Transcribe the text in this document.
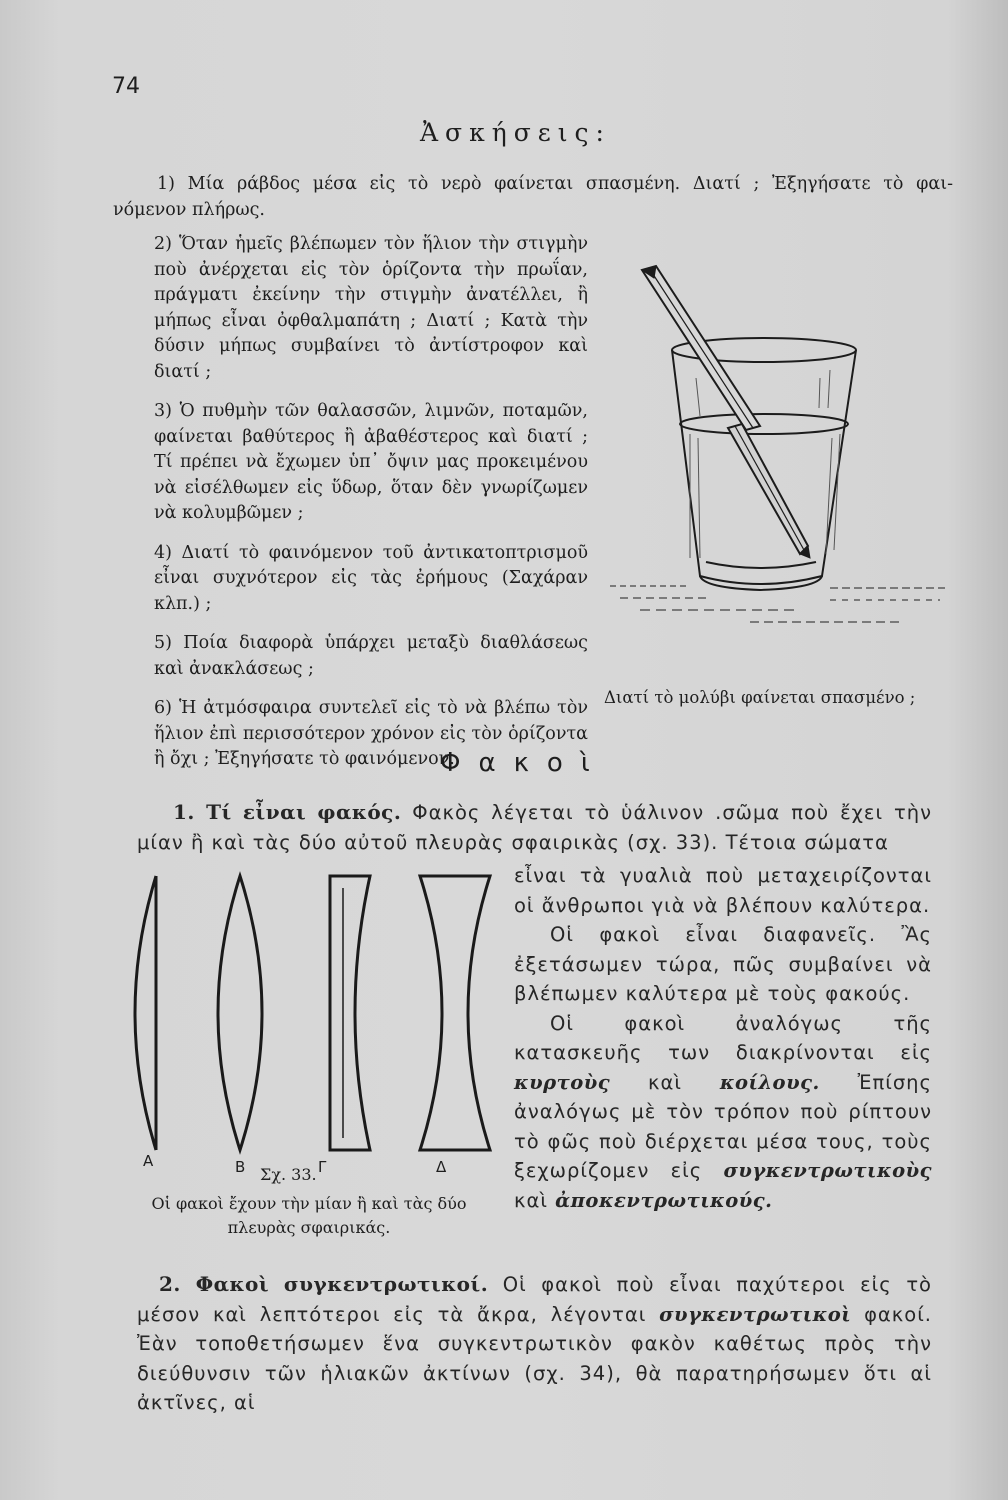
74
Ἀσκήσεις:

1) Μία ράβδος μέσα εἰς τὸ νερὸ φαίνεται σπασμένη. Διατί ; Ἐξηγήσατε τὸ φαι-

νόμενον πλήρως.

2) Ὅταν ἡμεῖς βλέπωμεν τὸν ἥλιον τὴν στιγμὴν ποὺ ἀνέρχεται εἰς τὸν ὁρίζοντα τὴν πρωΐαν, πράγματι ἐκείνην τὴν στιγμὴν ἀνατέλλει, ἢ μήπως εἶναι ὀφθαλμαπάτη ; Διατί ; Κατὰ τὴν δύσιν μήπως συμβαίνει τὸ ἀντίστροφον καὶ διατί ;

3) Ὁ πυθμὴν τῶν θαλασσῶν, λιμνῶν, ποταμῶν, φαίνεται βαθύτερος ἢ ἀβαθέστερος καὶ διατί ; Τί πρέπει νὰ ἔχωμεν ὑπ᾽ ὄψιν μας προκειμένου νὰ εἰσέλθωμεν εἰς ὕδωρ, ὅταν δὲν γνωρίζωμεν νὰ κολυμβῶμεν ;

4) Διατί τὸ φαινόμενον τοῦ ἀντικατοπτρισμοῦ εἶναι συχνότερον εἰς τὰς ἐρήμους (Σαχάραν κλπ.) ;

5) Ποία διαφορὰ ὑπάρχει μεταξὺ διαθλάσεως καὶ ἀνακλάσεως ;

6) Ἡ ἀτμόσφαιρα συντελεῖ εἰς τὸ νὰ βλέπω τὸν ἥλιον ἐπὶ περισσότερον χρόνον εἰς τὸν ὁρίζοντα ἢ ὄχι ; Ἐξηγήσατε τὸ φαινόμενον.

Διατί τὸ μολύβι φαίνεται σπασμένο ;
Φακοὶ

1. Τί εἶναι φακός. Φακὸς λέγεται τὸ ὑάλινον .σῶμα ποὺ ἔχει τὴν μίαν ἢ καὶ τὰς δύο αὐτοῦ πλευρὰς σφαιρικὰς (σχ. 33). Τέτοια σώματα

εἶναι τὰ γυαλιὰ ποὺ μεταχειρίζονται οἱ ἄνθρωποι γιὰ νὰ βλέπουν καλύτερα.

Οἱ φακοὶ εἶναι διαφανεῖς. Ἂς ἐξετάσωμεν τώρα, πῶς συμβαίνει νὰ βλέπωμεν καλύτερα μὲ τοὺς φακούς.

Οἱ φακοὶ ἀναλόγως τῆς κατασκευῆς των διακρίνονται εἰς κυρτοὺς καὶ κοίλους. Ἐπίσης ἀναλόγως μὲ τὸν τρόπον ποὺ ρίπτουν τὸ φῶς ποὺ διέρχεται μέσα τους, τοὺς ξεχωρίζομεν εἰς συγκεντρωτικοὺς καὶ ἀποκεντρωτικούς.

Α	Β	Γ	Δ
Σχ. 33.
Οἱ φακοὶ ἔχουν τὴν μίαν ἢ καὶ τὰς δύο πλευρὰς σφαιρικάς.

2. Φακοὶ συγκεντρωτικοί. Οἱ φακοὶ ποὺ εἶναι παχύτεροι εἰς τὸ μέσον καὶ λεπτότεροι εἰς τὰ ἄκρα, λέγονται συγκεντρωτικοὶ φακοί. Ἐὰν τοποθετήσωμεν ἕνα συγκεντρωτικὸν φακὸν καθέτως πρὸς τὴν διεύθυνσιν τῶν ἡλιακῶν ἀκτίνων (σχ. 34), θὰ παρατηρήσωμεν ὅτι αἱ ἀκτῖνες, αἱ
